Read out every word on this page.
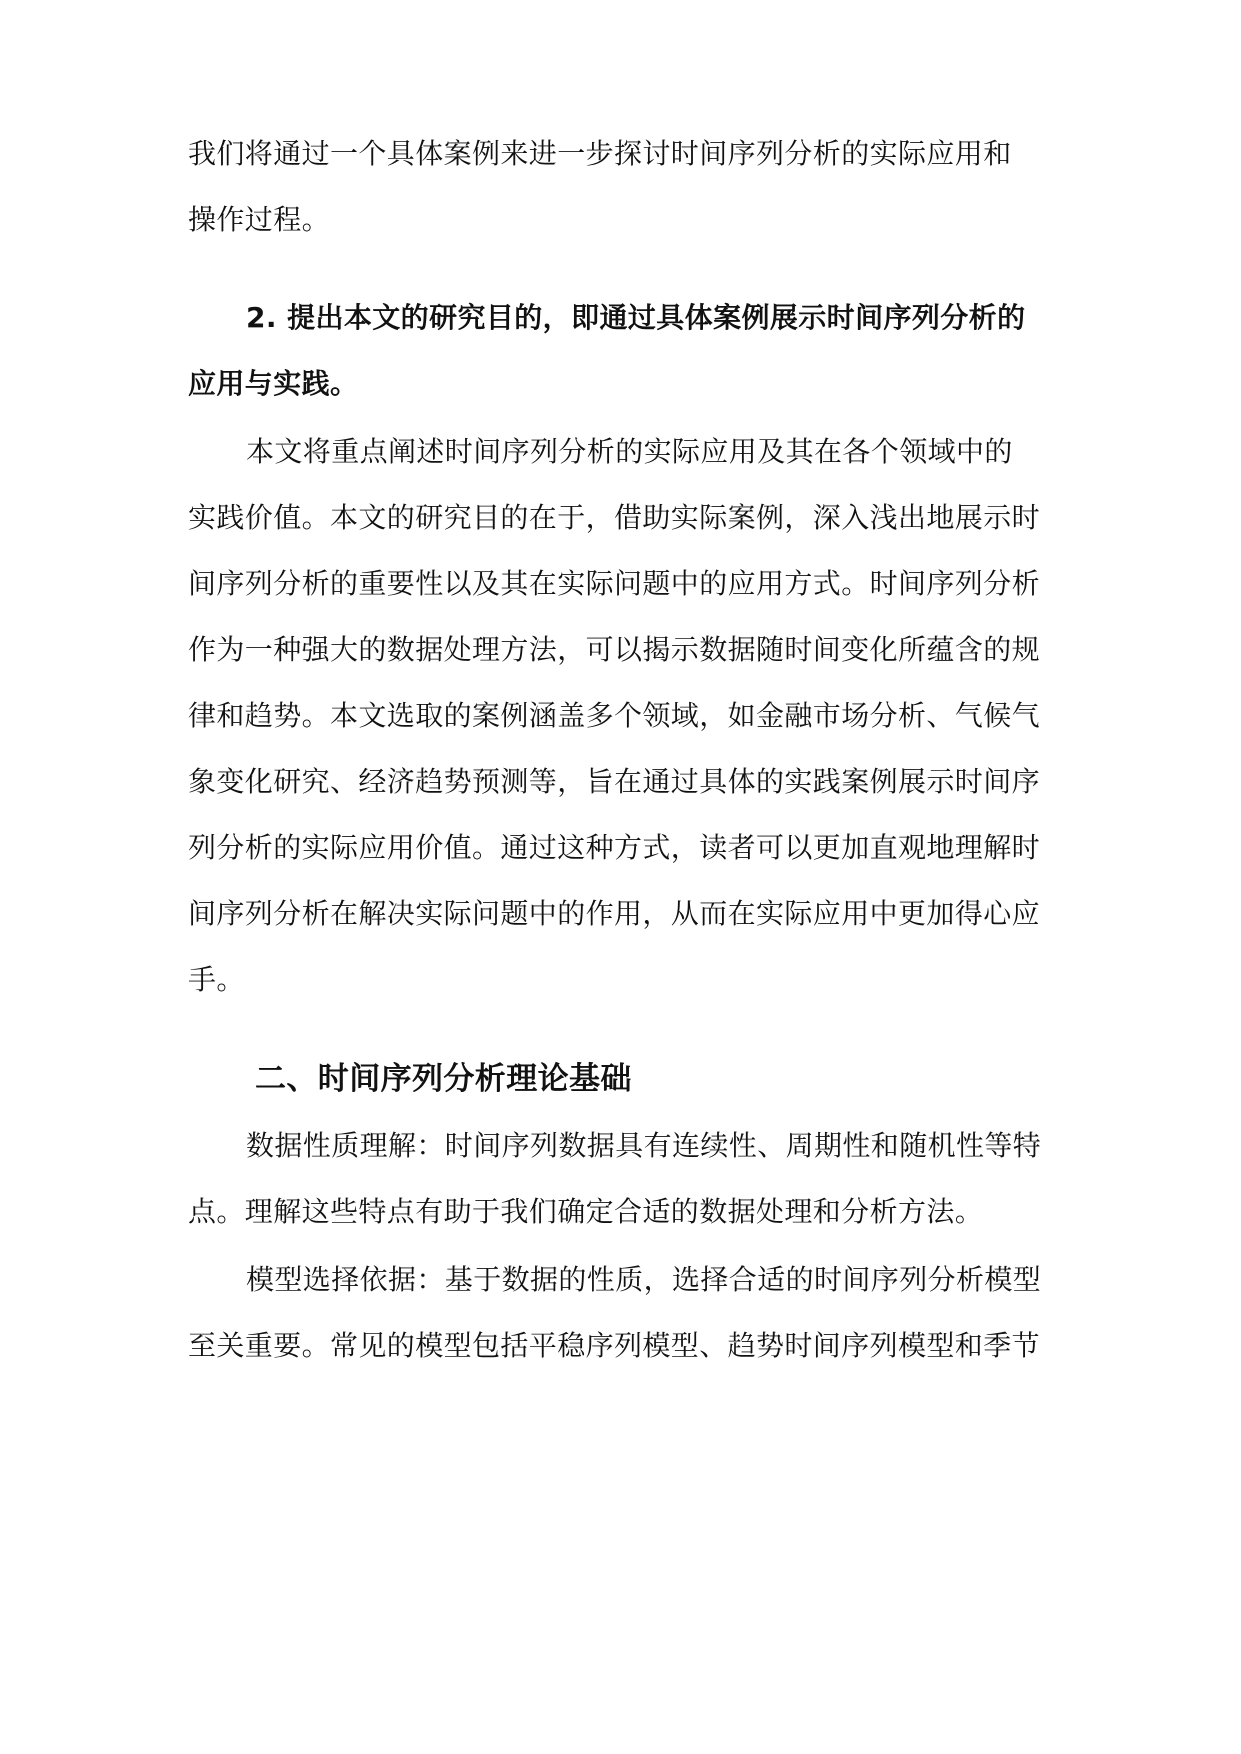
我们将通过一个具体案例来进一步探讨时间序列分析的实际应用和
操作过程。
2. 提出本文的研究目的，即通过具体案例展示时间序列分析的
应用与实践。
本文将重点阐述时间序列分析的实际应用及其在各个领域中的
实践价值。本文的研究目的在于，借助实际案例，深入浅出地展示时
间序列分析的重要性以及其在实际问题中的应用方式。时间序列分析
作为一种强大的数据处理方法，可以揭示数据随时间变化所蕴含的规
律和趋势。本文选取的案例涵盖多个领域，如金融市场分析、气候气
象变化研究、经济趋势预测等，旨在通过具体的实践案例展示时间序
列分析的实际应用价值。通过这种方式，读者可以更加直观地理解时
间序列分析在解决实际问题中的作用，从而在实际应用中更加得心应
手。
二、时间序列分析理论基础
数据性质理解：时间序列数据具有连续性、周期性和随机性等特
点。理解这些特点有助于我们确定合适的数据处理和分析方法。
模型选择依据：基于数据的性质，选择合适的时间序列分析模型
至关重要。常见的模型包括平稳序列模型、趋势时间序列模型和季节
